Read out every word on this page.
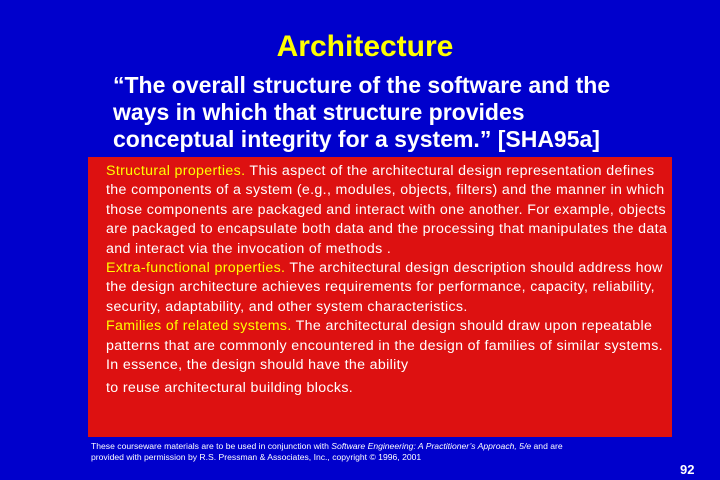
Architecture
“The overall structure of the software and the
ways in which that structure provides
conceptual integrity for a system.” [SHA95a]

Structural properties. This aspect of the architectural design representation defines the components of a system (e.g., modules, objects, filters) and the manner in which those components are packaged and interact with one another. For example, objects are packaged to encapsulate both data and the processing that manipulates the data and interact via the invocation of methods .

Extra-functional properties. The architectural design description should address how the design architecture achieves requirements for performance, capacity, reliability, security, adaptability, and other system characteristics.

Families of related systems. The architectural design should draw upon repeatable patterns that are commonly encountered in the design of families of similar systems. In essence, the design should have the ability

to reuse architectural building blocks.

These courseware materials are to be used in conjunction with Software Engineering: A Practitioner’s Approach, 5/e and are
provided with permission by R.S. Pressman & Associates, Inc., copyright © 1996, 2001
92
